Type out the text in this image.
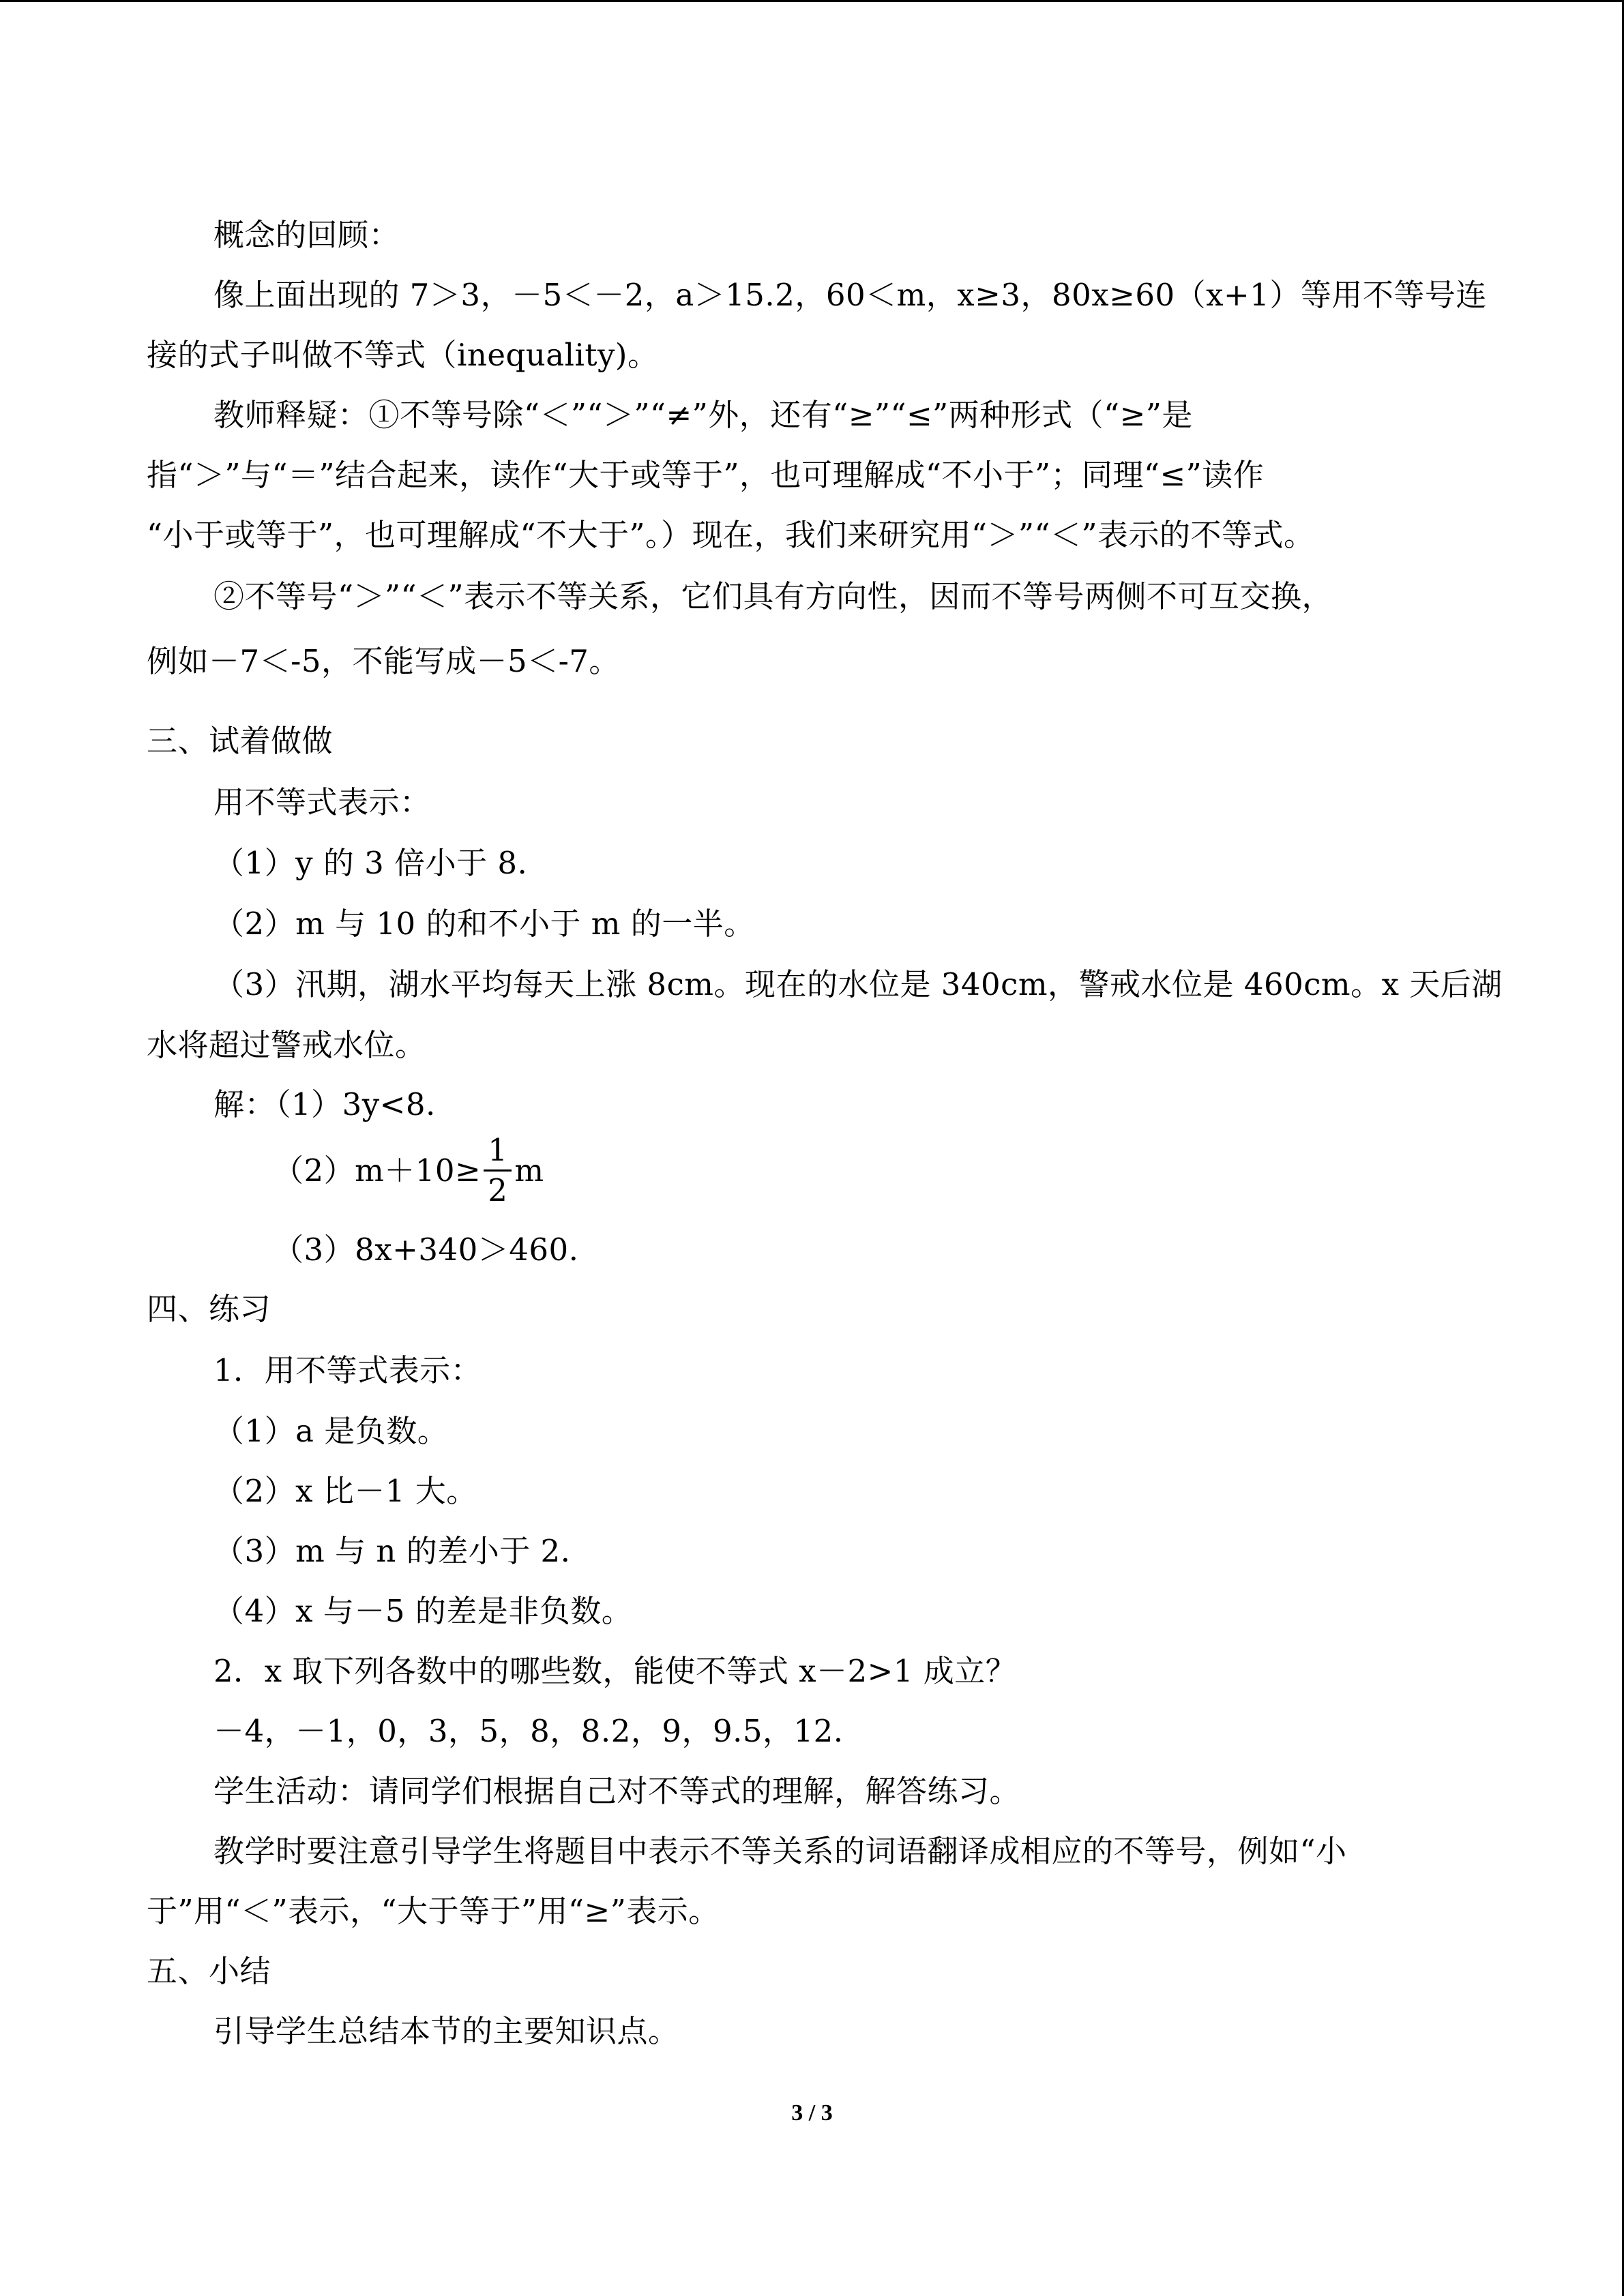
概念的回顾：
像上面出现的 7＞3，－5＜－2，a＞15.2，60＜m，x≥3，80x≥60（x+1）等用不等号连
接的式子叫做不等式（inequality)。
教师释疑：①不等号除“＜”“＞”“≠”外，还有“≥”“≤”两种形式（“≥”是
指“＞”与“＝”结合起来，读作“大于或等于”，也可理解成“不小于”；同理“≤”读作
“小于或等于”，也可理解成“不大于”。）现在，我们来研究用“＞”“＜”表示的不等式。
②不等号“＞”“＜”表示不等关系，它们具有方向性，因而不等号两侧不可互交换，
例如－7＜-5，不能写成－5＜-7。
三、试着做做
用不等式表示：
（1）y 的 3 倍小于 8.
（2）m 与 10 的和不小于 m 的一半。
（3）汛期，湖水平均每天上涨 8cm。现在的水位是 340cm，警戒水位是 460cm。x 天后湖
水将超过警戒水位。
解：（1）3y<8.
$(2)m+10\ge \frac{1}{2}$ m
（3）8x+340＞460.
四、练习
1．用不等式表示：
（1）a 是负数。
（2）x 比－1 大。
（3）m 与 n 的差小于 2.
（4）x 与－5 的差是非负数。
2．x 取下列各数中的哪些数，能使不等式 x－2>1 成立？
－4，－1，0，3，5，8，8.2，9，9.5，12.
学生活动：请同学们根据自己对不等式的理解，解答练习。
教学时要注意引导学生将题目中表示不等关系的词语翻译成相应的不等号，例如“小
于”用“＜”表示，“大于等于”用“≥”表示。
五、小结
引导学生总结本节的主要知识点。
3 / 3
